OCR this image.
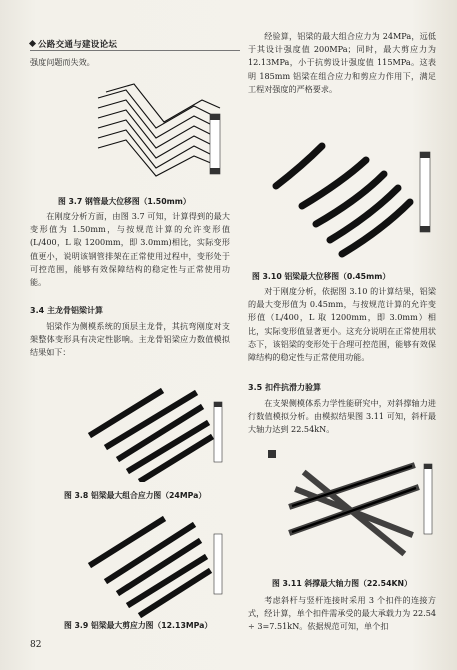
公路交通与建设论坛

强度问题而失效。

图 3.7 钢管最大位移图（1.50mm）

在刚度分析方面，由图 3.7 可知，计算得到的最大变形值为 1.50mm，与按规范计算的允许变形值(L/400，L 取 1200mm，即 3.0mm)相比，实际变形值更小，说明该钢管排架在正常使用过程中，变形处于可控范围，能够有效保障结构的稳定性与正常使用功能。

3.4 主龙骨铝梁计算

铝梁作为侧模系统的顶层主龙骨，其抗弯刚度对支架整体变形具有决定性影响。主龙骨铝梁应力数值模拟结果如下：

图 3.8 铝梁最大组合应力图（24MPa）
图 3.9 铝梁最大剪应力图（12.13MPa）
82

经验算，铝梁的最大组合应力为 24MPa，远低于其设计强度值 200MPa；同时，最大剪应力为 12.13MPa，小于抗剪设计强度值 115MPa。这表明 185mm 铝梁在组合应力和剪应力作用下，满足工程对强度的严格要求。

图 3.10 铝梁最大位移图（0.45mm）

对于刚度分析，依据图 3.10 的计算结果，铝梁的最大变形值为 0.45mm，与按规范计算的允许变形值（L/400，L 取 1200mm，即 3.0mm）相比，实际变形值显著更小。这充分说明在正常使用状态下，该铝梁的变形处于合理可控范围，能够有效保障结构的稳定性与正常使用功能。

3.5 扣件抗滑力验算

在支架侧模体系力学性能研究中，对斜撑轴力进行数值模拟分析。由模拟结果图 3.11 可知，斜杆最大轴力达到 22.54kN。

图 3.11 斜撑最大轴力图（22.54KN）

考虑斜杆与竖杆连接时采用 3 个扣件的连接方式，经计算，单个扣件需承受的最大承载力为 22.54 ÷ 3=7.51kN。依据规范可知，单个扣
